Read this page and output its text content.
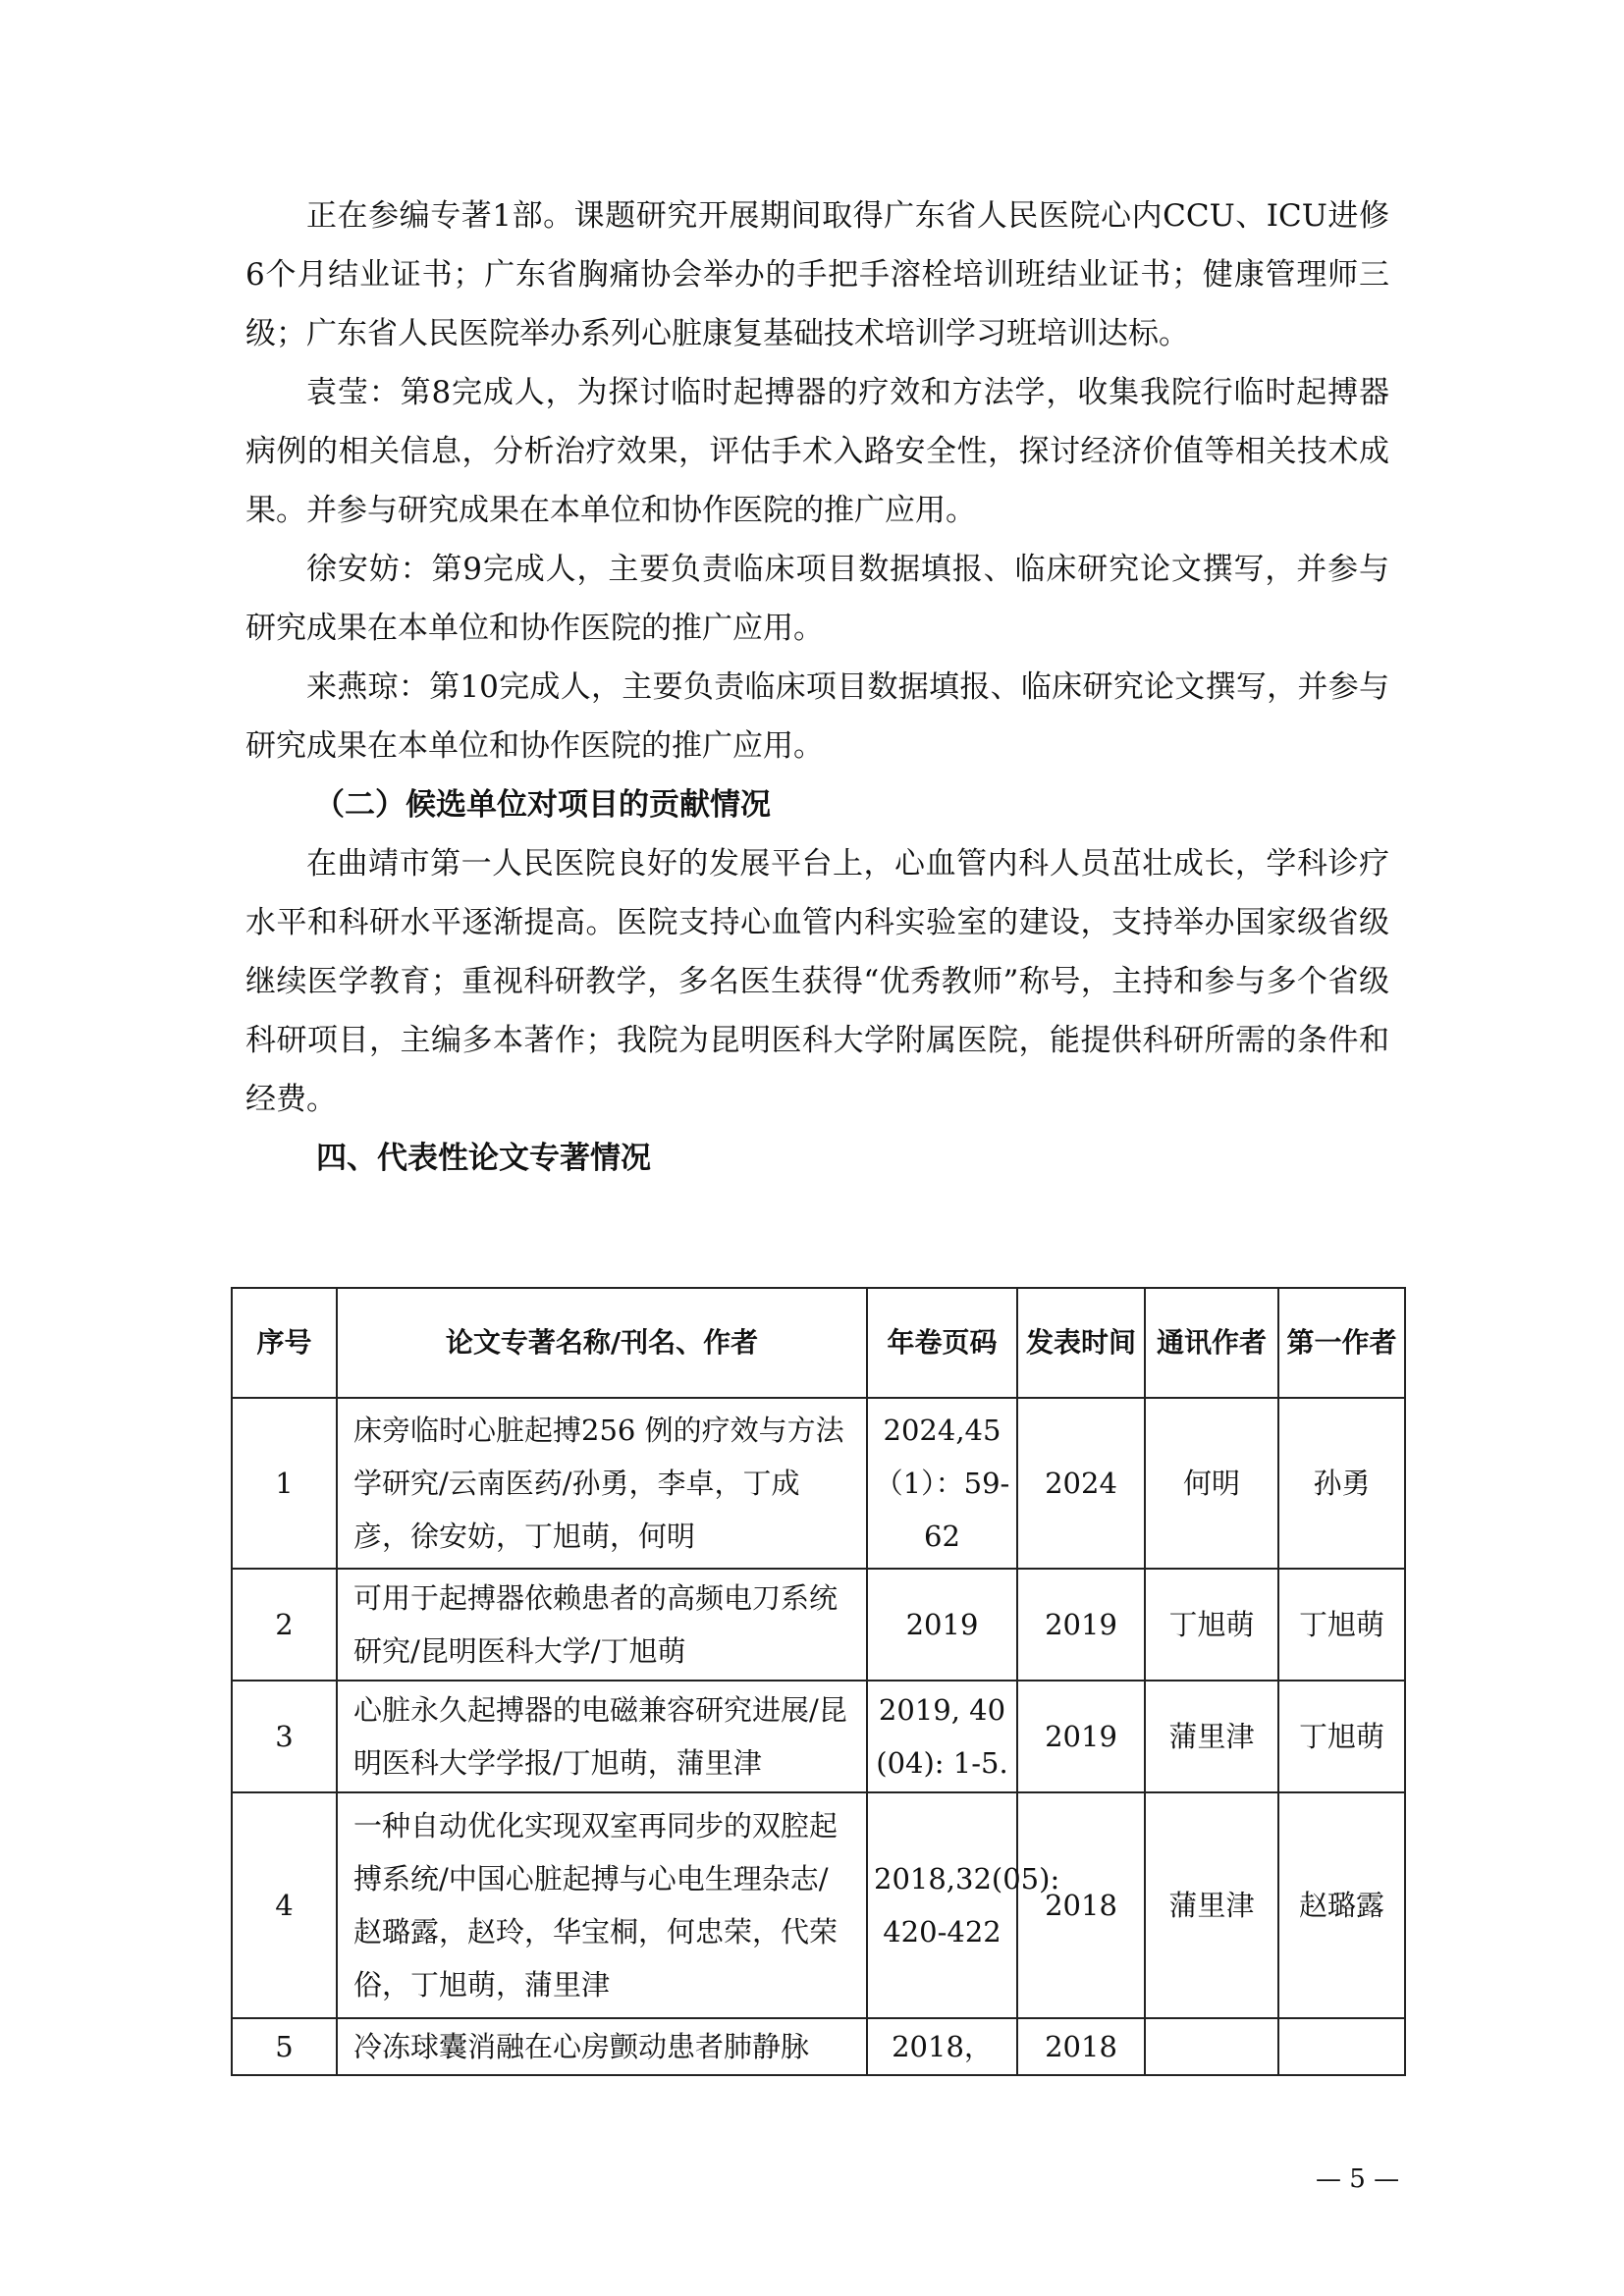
正在参编专著1部。课题研究开展期间取得广东省人民医院心内CCU、ICU进修6个月结业证书；广东省胸痛协会举办的手把手溶栓培训班结业证书；健康管理师三级；广东省人民医院举办系列心脏康复基础技术培训学习班培训达标。

袁莹：第8完成人，为探讨临时起搏器的疗效和方法学，收集我院行临时起搏器病例的相关信息，分析治疗效果，评估手术入路安全性，探讨经济价值等相关技术成果。并参与研究成果在本单位和协作医院的推广应用。

徐安妨：第9完成人，主要负责临床项目数据填报、临床研究论文撰写，并参与研究成果在本单位和协作医院的推广应用。

来燕琼：第10完成人，主要负责临床项目数据填报、临床研究论文撰写，并参与研究成果在本单位和协作医院的推广应用。

（二）候选单位对项目的贡献情况

在曲靖市第一人民医院良好的发展平台上，心血管内科人员茁壮成长，学科诊疗水平和科研水平逐渐提高。医院支持心血管内科实验室的建设，支持举办国家级省级继续医学教育；重视科研教学，多名医生获得“优秀教师”称号，主持和参与多个省级科研项目，主编多本著作；我院为昆明医科大学附属医院，能提供科研所需的条件和经费。

四、代表性论文专著情况

序号	论文专著名称/刊名、作者	年卷页码	发表时间	通讯作者	第一作者
1	床旁临时心脏起搏256 例的疗效与方法学研究/云南医药/孙勇，李卓，丁成彦，徐安妨，丁旭萌，何明	2024,45（1）：59-62	2024	何明	孙勇
2	可用于起搏器依赖患者的高频电刀系统研究/昆明医科大学/丁旭萌	2019	2019	丁旭萌	丁旭萌
3	心脏永久起搏器的电磁兼容研究进展/昆明医科大学学报/丁旭萌，蒲里津	2019, 40 (04): 1-5.	2019	蒲里津	丁旭萌
4	一种自动优化实现双室再同步的双腔起搏系统/中国心脏起搏与心电生理杂志/赵璐露，赵玲，华宝桐，何忠荣，代荣俗，丁旭萌，蒲里津	2018,32(05): 420-422	2018	蒲里津	赵璐露
5	冷冻球囊消融在心房颤动患者肺静脉	2018，	2018		
— 5 —
